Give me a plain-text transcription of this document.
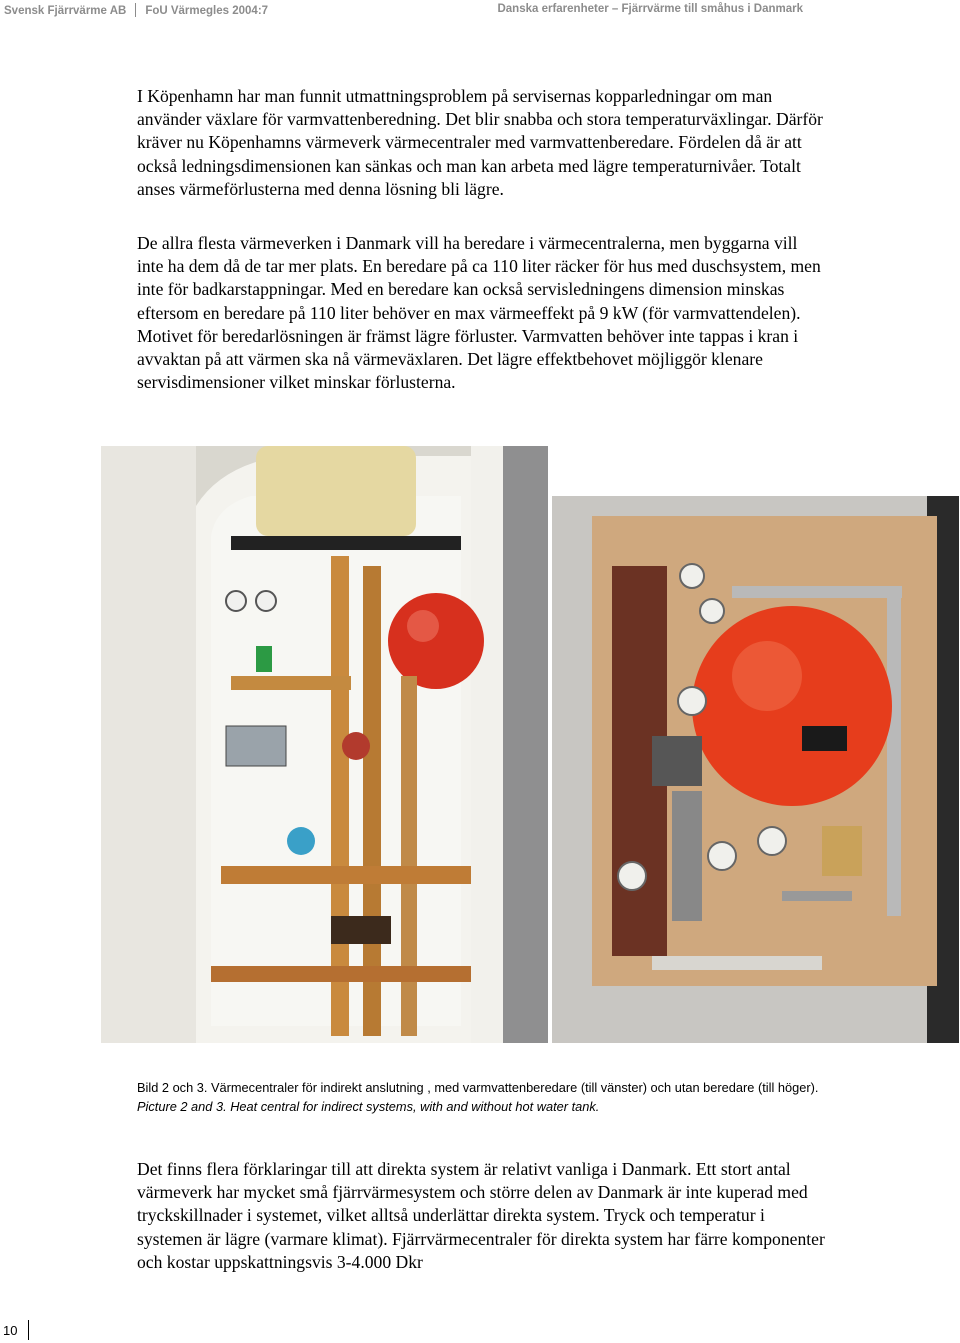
Svensk Fjärrvärme AB FoU Värmegles 2004:7	Danska erfarenheter – Fjärrvärme till småhus i Danmark

I Köpenhamn har man funnit utmattningsproblem på servisernas kopparledningar om man använder växlare för varmvattenberedning. Det blir snabba och stora temperaturväxlingar. Därför kräver nu Köpenhamns värmeverk värmecentraler med varmvattenberedare. Fördelen då är att också ledningsdimensionen kan sänkas och man kan arbeta med lägre temperaturnivåer. Totalt anses värmeförlusterna med denna lösning bli lägre.

De allra flesta värmeverken i Danmark vill ha beredare i värmecentralerna, men byggarna vill inte ha dem då de tar mer plats. En beredare på ca 110 liter räcker för hus med duschsystem, men inte för badkarstappningar. Med en beredare kan också servisledningens dimension minskas eftersom en beredare på 110 liter behöver en max värmeeffekt på 9 kW (för varmvattendelen). Motivet för beredarlösningen är främst lägre förluster. Varmvatten behöver inte tappas i kran i avvaktan på att värmen ska nå värmeväxlaren. Det lägre effektbehovet möjliggör klenare servisdimensioner vilket minskar förlusterna.

Bild 2 och 3. Värmecentraler för indirekt anslutning , med varmvattenberedare (till vänster) och utan beredare (till höger). Picture 2 and 3. Heat central for indirect systems, with and without hot water tank.

Det finns flera förklaringar till att direkta system är relativt vanliga i Danmark. Ett stort antal värmeverk har mycket små fjärrvärmesystem och större delen av Danmark är inte kuperad med tryckskillnader i systemet, vilket alltså underlättar direkta system. Tryck och temperatur i systemen är lägre (varmare klimat). Fjärrvärmecentraler för direkta system har färre komponenter och kostar uppskattningsvis 3-4.000 Dkr

10
